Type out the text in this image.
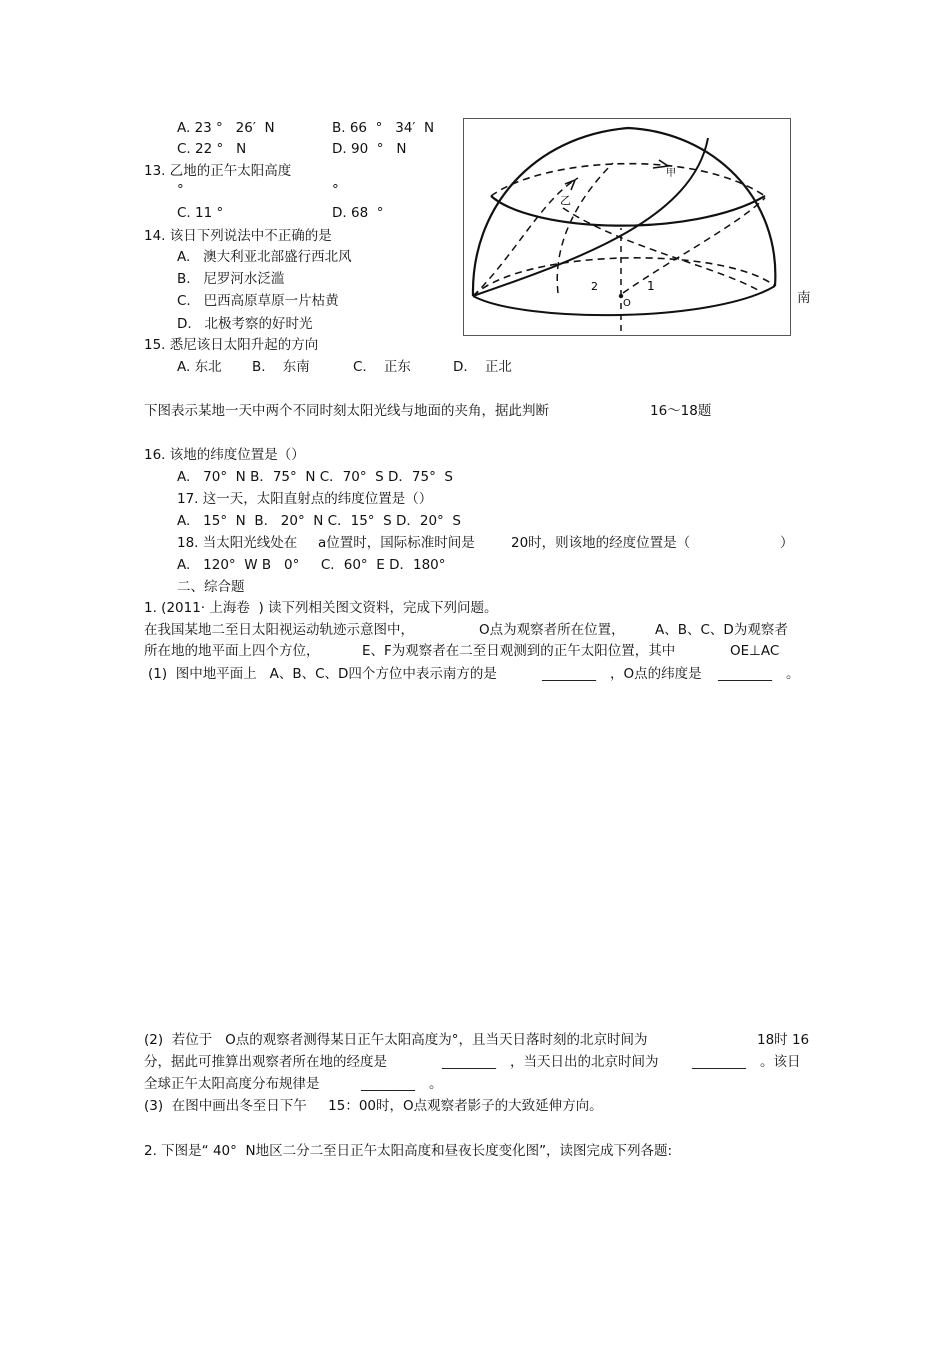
A. 23 °   26′  N	B. 66  °   34′  N
C. 22 °   N	D. 90  °   N
13. 乙地的正午太阳高度
°	°
C. 11 °	D. 68  °
14. 该日下列说法中不正确的是
A.   澳大利亚北部盛行西北风
B.   尼罗河水泛滥
C.   巴西高原草原一片枯黄
D.   北极考察的好时光
15. 悉尼该日太阳升起的方向
A. 东北 B.    东南	C.    正东	D.    正北
甲
乙
O
1
2
南
下图表示某地一天中两个不同时刻太阳光线与地面的夹角，据此判断	16～18题
16. 该地的纬度位置是（）
A.   70°  N B．75°  N C．70°  S D．75°  S
17. 这一天，太阳直射点的纬度位置是（）
A.   15°  N  B.   20°  N C．15°  S D．20°  S
18. 当太阳光线处在 a位置时，国际标准时间是	20时，则该地的经度位置是（	）
A.   120°  W B   0°     C．60°  E D．180°
二、综合题
1. (2011· 上海卷  ) 读下列相关图文资料，完成下列问题。
在我国某地二至日太阳视运动轨迹示意图中，	O点为观察者所在位置， A、B、C、D为观察者
所在地的地平面上四个方位，	E、F为观察者在二至日观测到的正午太阳位置，其中	OE⊥AC
(1)  图中地平面上   A、B、C、D四个方位中表示南方的是	________ ，O点的纬度是 ________ 。
(2)  若位于   O点的观察者测得某日正午太阳高度为°，且当天日落时刻的北京时间为	18时 16
分，据此可推算出观察者所在地的经度是	________ ，当天日出的北京时间为 ________ 。该日
全球正午太阳高度分布规律是	________ 。
(3)  在图中画出冬至日下午     15：00时，O点观察者影子的大致延伸方向。
2. 下图是“ 40°  N地区二分二至日正午太阳高度和昼夜长度变化图”，读图完成下列各题:
